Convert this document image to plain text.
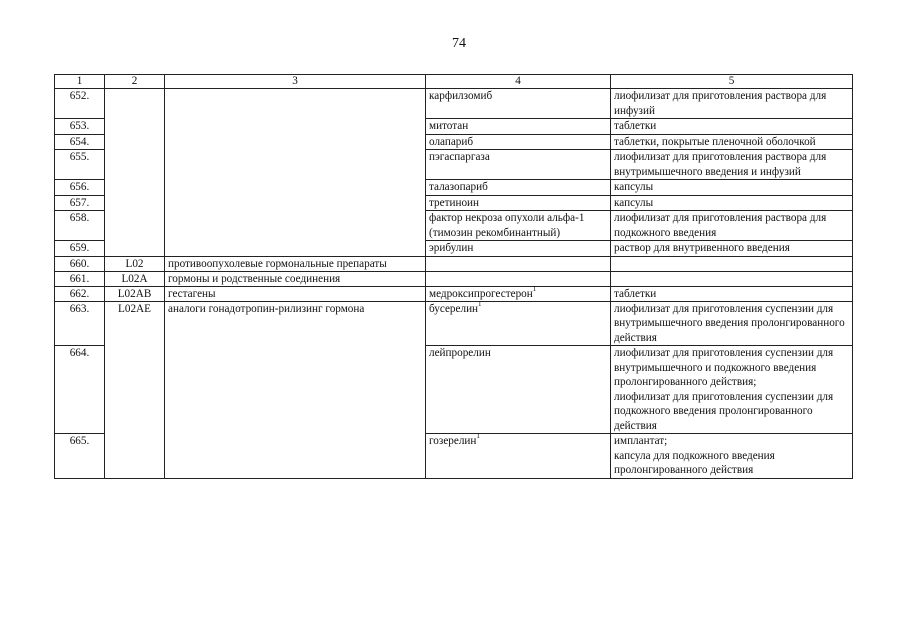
74
1	2	3	4	5
652.			карфилзомиб	лиофилизат для приготовления раствора для инфузий
653.			митотан	таблетки
654.			олапариб	таблетки, покрытые пленочной оболочкой
655.			пэгаспаргаза	лиофилизат для приготовления раствора для внутримышечного введения и инфузий
656.			талазопариб	капсулы
657.			третиноин	капсулы
658.			фактор некроза опухоли альфа-1 (тимозин рекомбинантный)	лиофилизат для приготовления раствора для подкожного введения
659.			эрибулин	раствор для внутривенного введения
660.	L02	противоопухолевые гормональные препараты		
661.	L02A	гормоны и родственные соединения		
662.	L02AB	гестагены	медроксипрогестерон$^1$	таблетки
663.	L02AE	аналоги гонадотропин-рилизинг гормона	бусерелин$^1$	лиофилизат для приготовления суспензии для внутримышечного введения пролонгированного действия
664.			лейпрорелин	лиофилизат для приготовления суспензии для внутримышечного и подкожного введения пролонгированного действия;
лиофилизат для приготовления суспензии для подкожного введения пролонгированного действия

665.			гозерелин$^1$	имплантат;
капсула для подкожного введения пролонгированного действия
